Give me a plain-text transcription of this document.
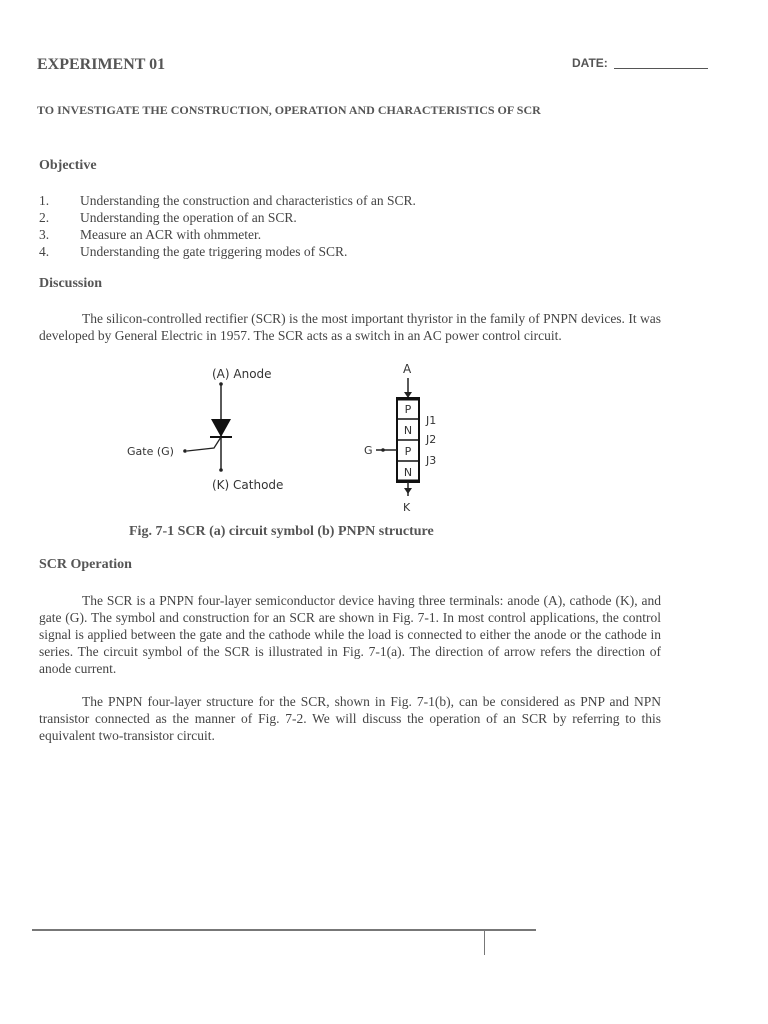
EXPERIMENT 01	DATE:
TO INVESTIGATE THE CONSTRUCTION, OPERATION AND CHARACTERISTICS OF SCR
Objective
1. Understanding the construction and characteristics of an SCR.
2. Understanding the operation of an SCR.
3. Measure an ACR with ohmmeter.
4. Understanding the gate triggering modes of SCR.
Discussion
The silicon-controlled rectifier (SCR) is the most important thyristor in the family of PNPN devices. It was developed by General Electric in 1957. The SCR acts as a switch in an AC power control circuit.
(A) Anode
Gate (G)
(K) Cathode
A
P
N
P
N
J1
J2
J3
G
K
Fig. 7-1 SCR (a) circuit symbol (b) PNPN structure
SCR Operation
The SCR is a PNPN four-layer semiconductor device having three terminals: anode (A), cathode (K), and gate (G). The symbol and construction for an SCR are shown in Fig. 7-1. In most control applications, the control signal is applied between the gate and the cathode while the load is connected to either the anode or the cathode in series. The circuit symbol of the SCR is illustrated in Fig. 7-1(a). The direction of arrow refers the direction of anode current.
The PNPN four-layer structure for the SCR, shown in Fig. 7-1(b), can be considered as PNP and NPN transistor connected as the manner of Fig. 7-2. We will discuss the operation of an SCR by referring to this equivalent two-transistor circuit.
